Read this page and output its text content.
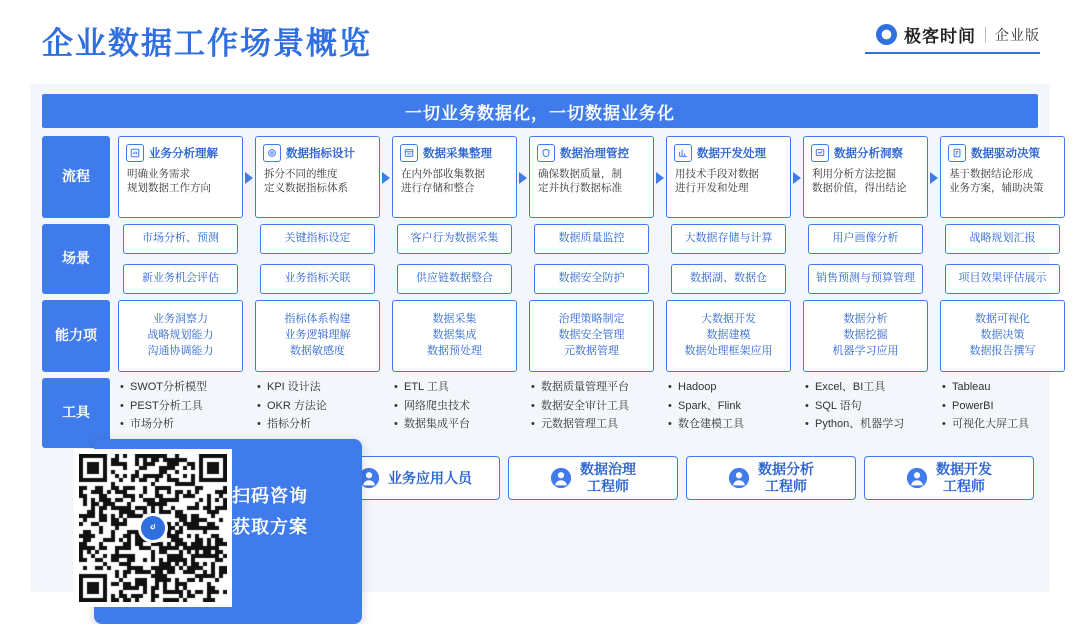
企业数据工作场景概览	极客时间 企业版
一切业务数据化，一切数据业务化
流程
场景
能力项
工具
业务分析理解
明确业务需求
规划数据工作方向
数据指标设计
拆分不同的维度
定义数据指标体系
数据采集整理
在内外部收集数据
进行存储和整合
数据治理管控
确保数据质量，制
定并执行数据标准
数据开发处理
用技术手段对数据
进行开发和处理
数据分析洞察
利用分析方法挖掘
数据价值，得出结论
数据驱动决策
基于数据结论形成
业务方案，辅助决策
市场分析、预测
新业务机会评估
关键指标设定
业务指标关联
客户行为数据采集
供应链数据整合
数据质量监控
数据安全防护
大数据存储与计算
数据湖、数据仓
用户画像分析
销售预测与 预算管理
战略规划汇报
项目效果评估展示
业务洞察力
战略规划能力
沟通协调能力
指标体系构建
业务逻辑理解
数据敏感度
数据采集
数据集成
数据预处理
治理策略制定
数据安全管理
元数据管理
大数据开发
数据建模
数据处理框架应用
数据分析
数据挖掘
机器学习应用
数据可视化
数据决策
数据报告撰写
• SWOT分析模型
• PEST分析工具
• 市场分析
• KPI 设计法
• OKR 方法论
• 指标分析
• ETL 工具
• 网络爬虫技术
• 数据集成平台
• 数据质量管理平台
• 数据安全审计工具
• 元数据管理工具
• Hadoop
• Spark、Flink
• 数仓建模工具
• Excel、BI工具
• SQL 语句
• Python、机器学习
• Tableau
• PowerBI
• 可视化大屏工具
业务应用人员
数据治理
工程师
数据分析
工程师
数据开发
工程师
扫码咨询
获取方案
